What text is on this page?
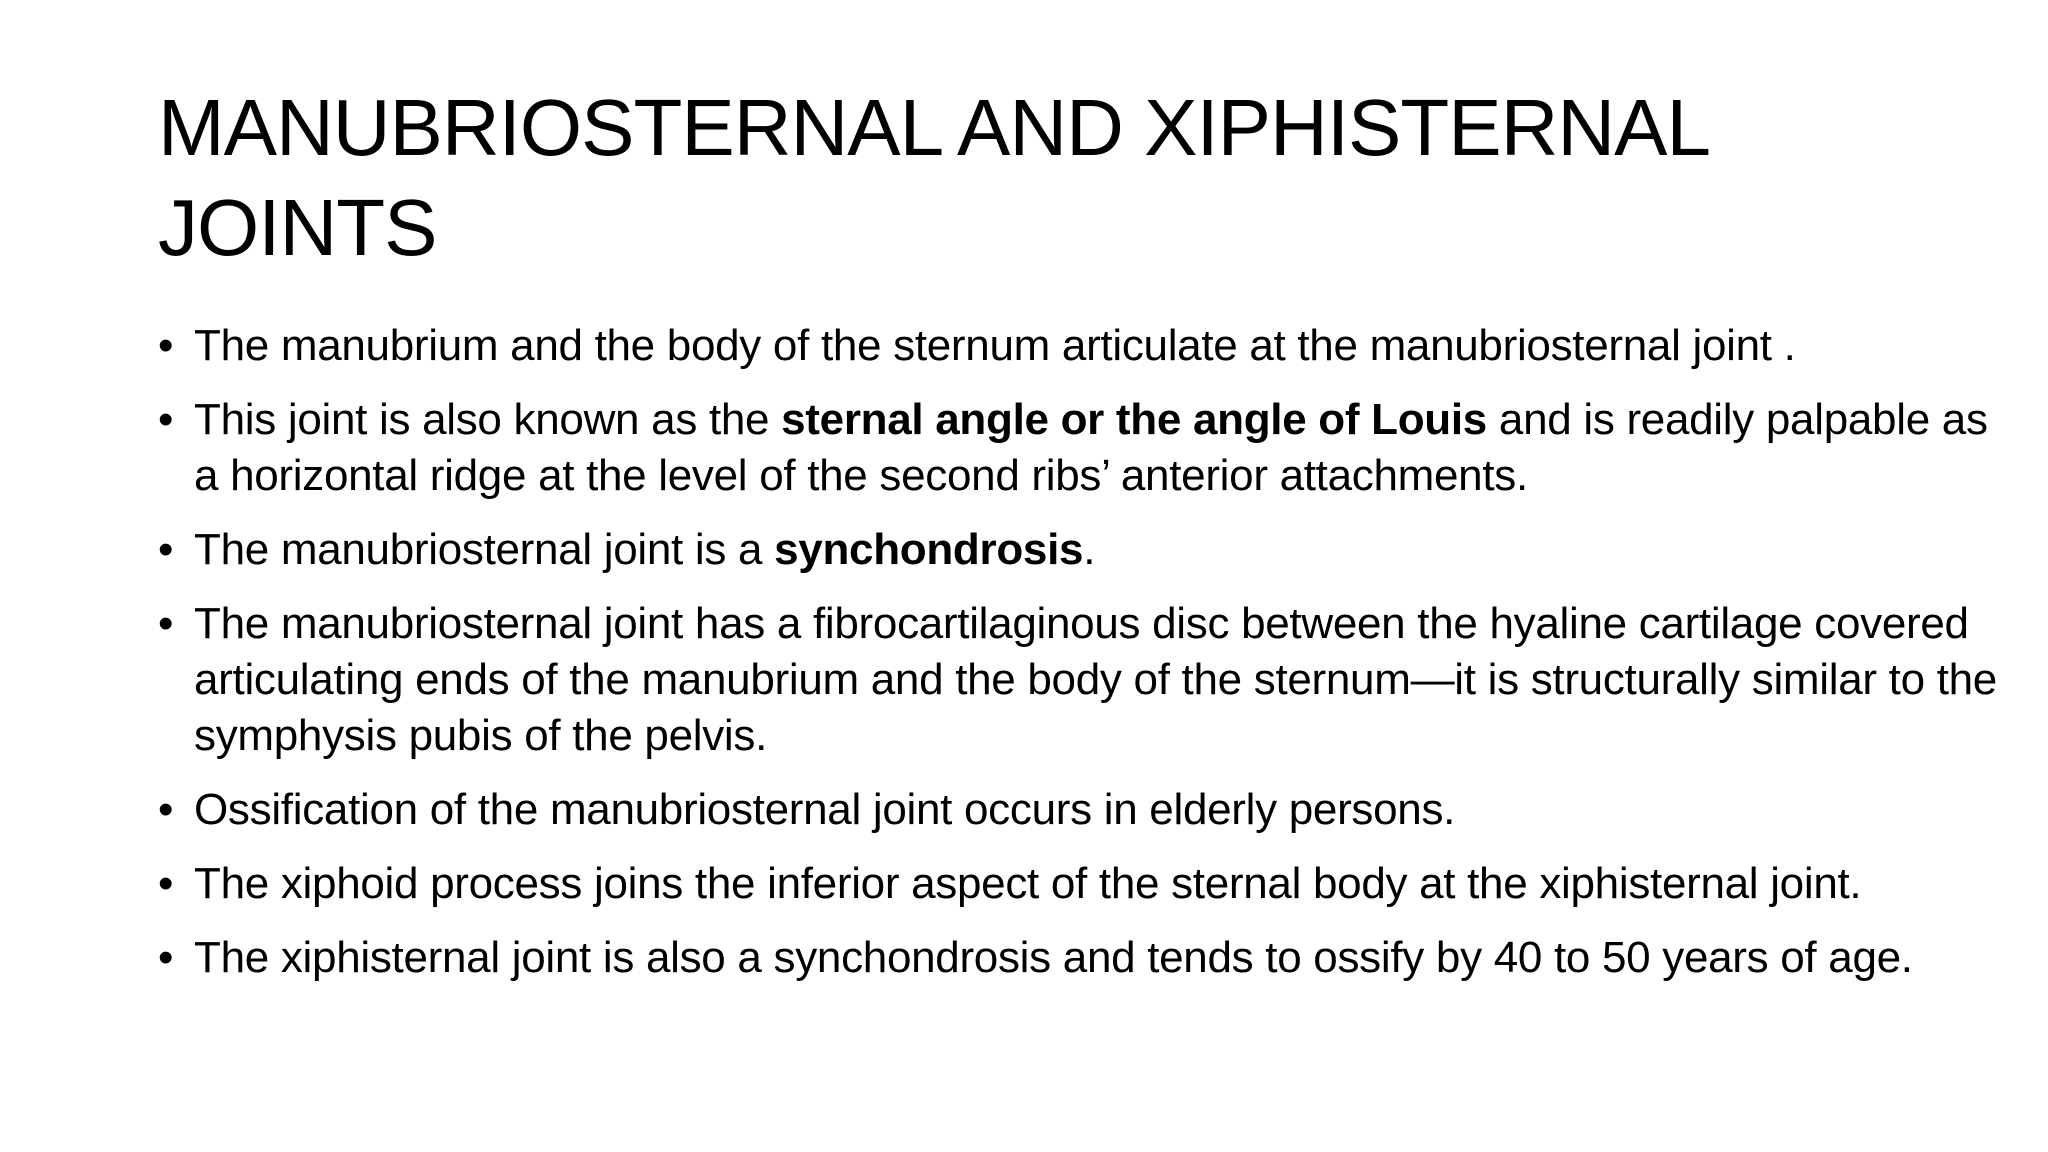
MANUBRIOSTERNAL AND XIPHISTERNAL
JOINTS
• The manubrium and the body of the sternum articulate at the manubriosternal joint .
• This joint is also known as the sternal angle or the angle of Louis and is readily palpable as a horizontal ridge at the level of the second ribs’ anterior attachments.
• The manubriosternal joint is a synchondrosis.
• The manubriosternal joint has a fibrocartilaginous disc between the hyaline cartilage covered articulating ends of the manubrium and the body of the sternum—it is structurally similar to the symphysis pubis of the pelvis.
• Ossification of the manubriosternal joint occurs in elderly persons.
• The xiphoid process joins the inferior aspect of the sternal body at the xiphisternal joint.
• The xiphisternal joint is also a synchondrosis and tends to ossify by 40 to 50 years of age.
